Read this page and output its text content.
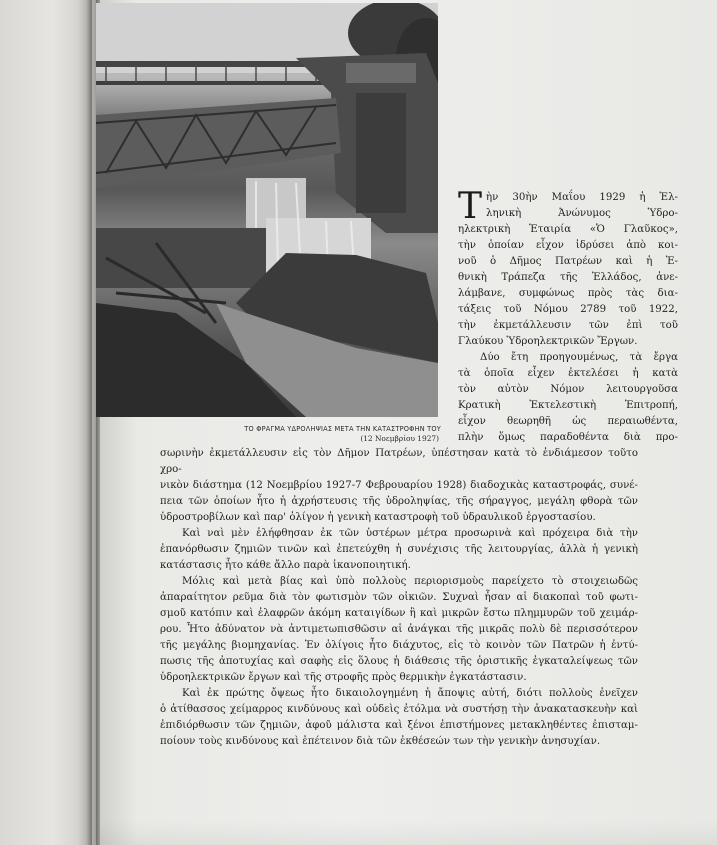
ΤΟ ΦΡΑΓΜΑ ΥΔΡΟΛΗΨΙΑΣ ΜΕΤΑ ΤΗΝ ΚΑΤΑΣΤΡΟΦΗΝ ΤΟΥ
(12 Νοεμβρίου 1927)
Τ ὴν 30ὴν Μαΐου 1929 ἡ Ἑλ-
ληνικὴ Ἀνώνυμος Ὑδρο-
ηλεκτρικὴ Ἑταιρία «Ὁ Γλαῦκος»,
τὴν ὁποίαν εἶχον ἱδρύσει ἀπὸ κοι-
νοῦ ὁ Δῆμος Πατρέων καὶ ἡ Ἐ-
θνικὴ Τράπεζα τῆς Ἑλλάδος, ἀνε-
λάμβανε, συμφώνως πρὸς τὰς δια-
τάξεις τοῦ Νόμου 2789 τοῦ 1922,
τὴν ἐκμετάλλευσιν τῶν ἐπὶ τοῦ
Γλαύκου Ὑδροηλεκτρικῶν Ἔργων.
Δύο ἔτη προηγουμένως, τὰ ἔργα
τὰ ὁποῖα εἶχεν ἐκτελέσει ἡ κατὰ
τὸν αὐτὸν Νόμον λειτουργοῦσα
Κρατικὴ Ἐκτελεστικὴ Ἐπιτροπή,
εἶχον θεωρηθῆ ὡς περαιωθέντα,
πλὴν ὅμως παραδοθέντα διὰ προ-
σωρινὴν ἐκμετάλλευσιν εἰς τὸν Δῆμον Πατρέων, ὑπέστησαν κατὰ τὸ ἐνδιάμεσον τοῦτο χρο-
νικὸν διάστημα (12 Νοεμβρίου 1927-7 Φεβρουαρίου 1928) διαδοχικὰς καταστροφάς, συνέ-
πεια τῶν ὁποίων ἦτο ἡ ἀχρήστευσις τῆς ὑδροληψίας, τῆς σήραγγος, μεγάλη φθορὰ τῶν
ὑδροστροβίλων καὶ παρ' ὀλίγον ἡ γενικὴ καταστροφὴ τοῦ ὑδραυλικοῦ ἐργοστασίου.
Καὶ ναὶ μὲν ἐλήφθησαν ἐκ τῶν ὑστέρων μέτρα προσωρινὰ καὶ πρόχειρα διὰ τὴν
ἐπανόρθωσιν ζημιῶν τινῶν καὶ ἐπετεύχθη ἡ συνέχισις τῆς λειτουργίας, ἀλλὰ ἡ γενικὴ
κατάστασις ἦτο κάθε ἄλλο παρὰ ἱκανοποιητική.
Μόλις καὶ μετὰ βίας καὶ ὑπὸ πολλοὺς περιορισμοὺς παρείχετο τὸ στοιχειωδῶς
ἀπαραίτητον ρεῦμα διὰ τὸν φωτισμὸν τῶν οἰκιῶν. Συχναὶ ἦσαν αἱ διακοπαὶ τοῦ φωτι-
σμοῦ κατόπιν καὶ ἐλαφρῶν ἀκόμη καταιγίδων ἢ καὶ μικρῶν ἔστω πλημμυρῶν τοῦ χειμάρ-
ρου. Ἦτο ἀδύνατον νὰ ἀντιμετωπισθῶσιν αἱ ἀνάγκαι τῆς μικρᾶς πολὺ δὲ περισσότερον
τῆς μεγάλης βιομηχανίας. Ἐν ὀλίγοις ἦτο διάχυτος, εἰς τὸ κοινὸν τῶν Πατρῶν ἡ ἐντύ-
πωσις τῆς ἀποτυχίας καὶ σαφὴς εἰς ὅλους ἡ διάθεσις τῆς ὁριστικῆς ἐγκαταλείψεως τῶν
ὑδροηλεκτρικῶν ἔργων καὶ τῆς στροφῆς πρὸς θερμικὴν ἐγκατάστασιν.
Καὶ ἐκ πρώτης ὄψεως ἦτο δικαιολογημένη ἡ ἄποψις αὐτή, διότι πολλοὺς ἐνεῖχεν
ὁ ἀτίθασσος χείμαρρος κινδύνους καὶ οὐδεὶς ἐτόλμα νὰ συστήσῃ τὴν ἀνακατασκευὴν καὶ
ἐπιδιόρθωσιν τῶν ζημιῶν, ἀφοῦ μάλιστα καὶ ξένοι ἐπιστήμονες μετακληθέντες ἐπισταμ-
ποίουν τοὺς κινδύνους καὶ ἐπέτεινον διὰ τῶν ἐκθέσεών των τὴν γενικὴν ἀνησυχίαν.
